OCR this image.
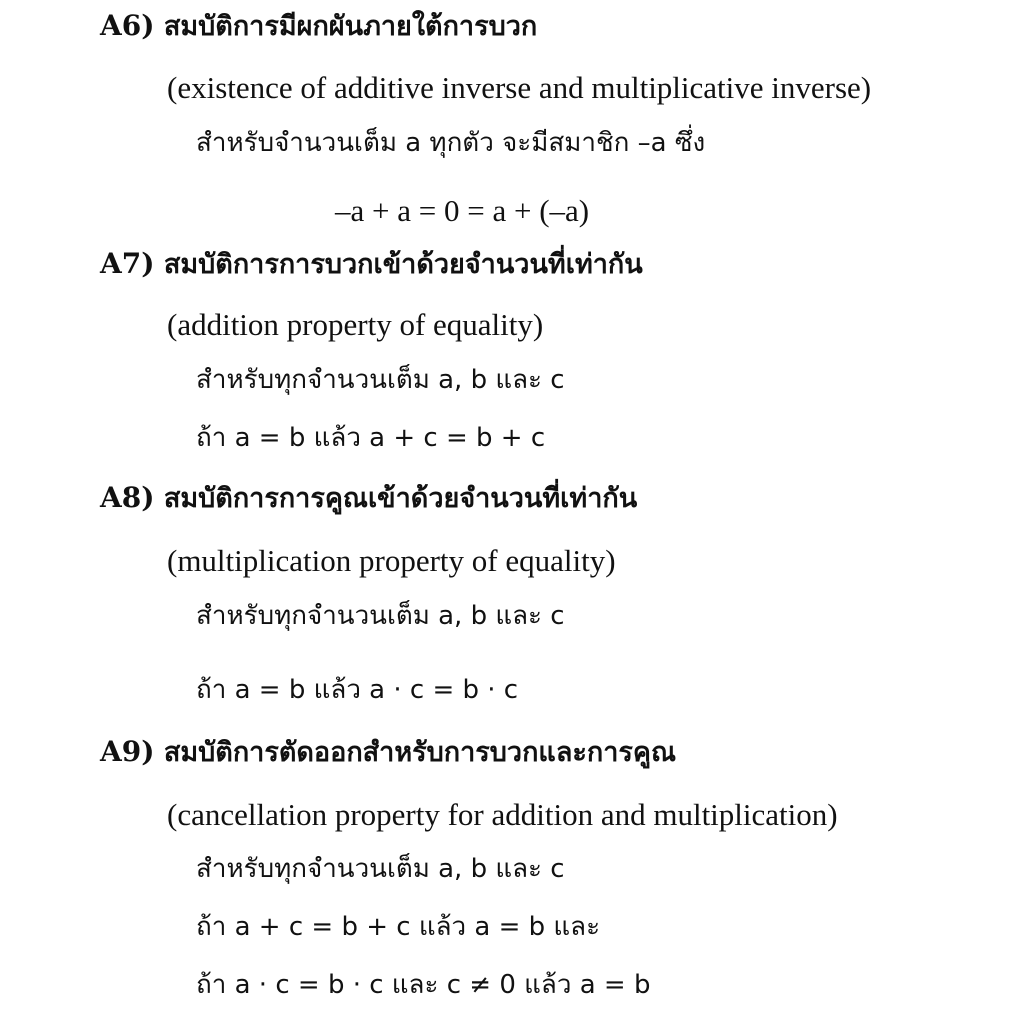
A6) สมบัติการมีผกผันภายใต้การบวก
(existence of additive inverse and multiplicative inverse)
สำหรับจำนวนเต็ม a ทุกตัว จะมีสมาชิก –a ซึ่ง
–a + a = 0 = a + (–a)
A7) สมบัติการการบวกเข้าด้วยจำนวนที่เท่ากัน
(addition property of equality)
สำหรับทุกจำนวนเต็ม a, b และ c
ถ้า a = b แล้ว a + c = b + c
A8) สมบัติการการคูณเข้าด้วยจำนวนที่เท่ากัน
(multiplication property of equality)
สำหรับทุกจำนวนเต็ม a, b และ c
ถ้า a = b แล้ว a · c = b · c
A9) สมบัติการตัดออกสำหรับการบวกและการคูณ
(cancellation property for addition and multiplication)
สำหรับทุกจำนวนเต็ม a, b และ c
ถ้า a + c = b + c แล้ว a = b และ
ถ้า a · c = b · c และ c ≠ 0 แล้ว a = b
